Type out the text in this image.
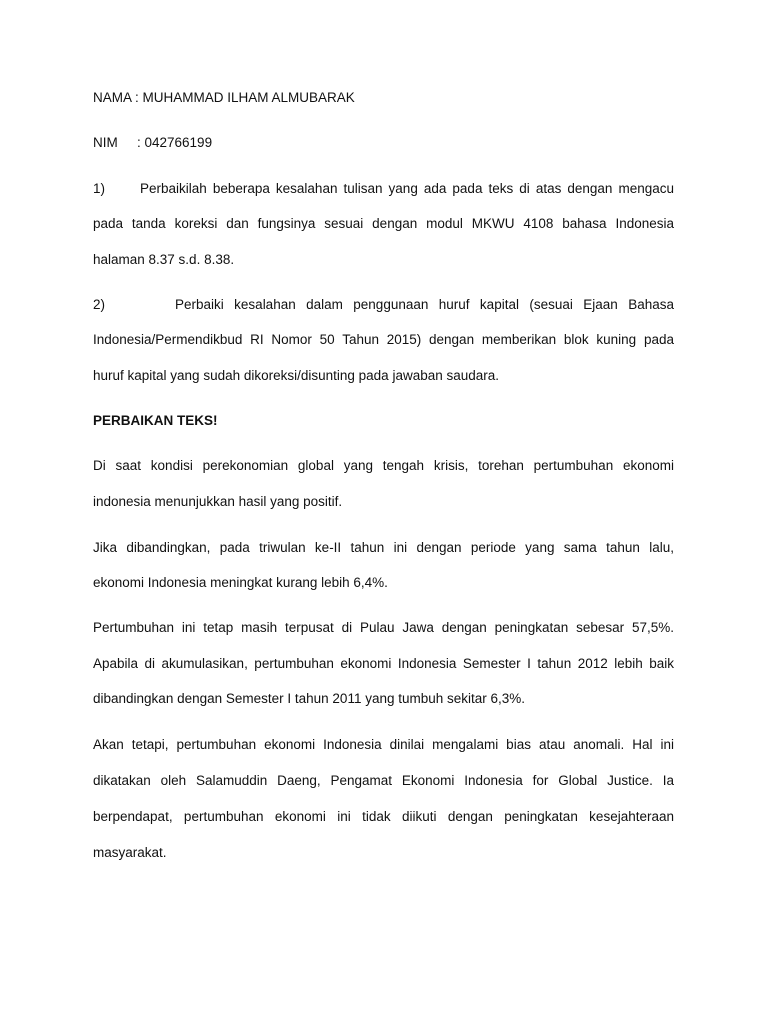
NAMA : MUHAMMAD ILHAM ALMUBARAK
NIM : 042766199
1)	Perbaikilah beberapa kesalahan tulisan yang ada pada teks di atas dengan mengacu
pada tanda koreksi dan fungsinya sesuai dengan modul MKWU 4108 bahasa Indonesia
halaman 8.37 s.d. 8.38.
2)	Perbaiki kesalahan dalam penggunaan huruf kapital (sesuai Ejaan Bahasa
Indonesia/Permendikbud RI Nomor 50 Tahun 2015) dengan memberikan blok kuning pada
huruf kapital yang sudah dikoreksi/disunting pada jawaban saudara.
PERBAIKAN TEKS!
Di saat kondisi perekonomian global yang tengah krisis, torehan pertumbuhan ekonomi
indonesia menunjukkan hasil yang positif.
Jika dibandingkan, pada triwulan ke-II tahun ini dengan periode yang sama tahun lalu,
ekonomi Indonesia meningkat kurang lebih 6,4%.
Pertumbuhan ini tetap masih terpusat di Pulau Jawa dengan peningkatan sebesar 57,5%.
Apabila di akumulasikan, pertumbuhan ekonomi Indonesia Semester I tahun 2012 lebih baik
dibandingkan dengan Semester I tahun 2011 yang tumbuh sekitar 6,3%.
Akan tetapi, pertumbuhan ekonomi Indonesia dinilai mengalami bias atau anomali. Hal ini
dikatakan oleh Salamuddin Daeng, Pengamat Ekonomi Indonesia for Global Justice. Ia
berpendapat, pertumbuhan ekonomi ini tidak diikuti dengan peningkatan kesejahteraan
masyarakat.
